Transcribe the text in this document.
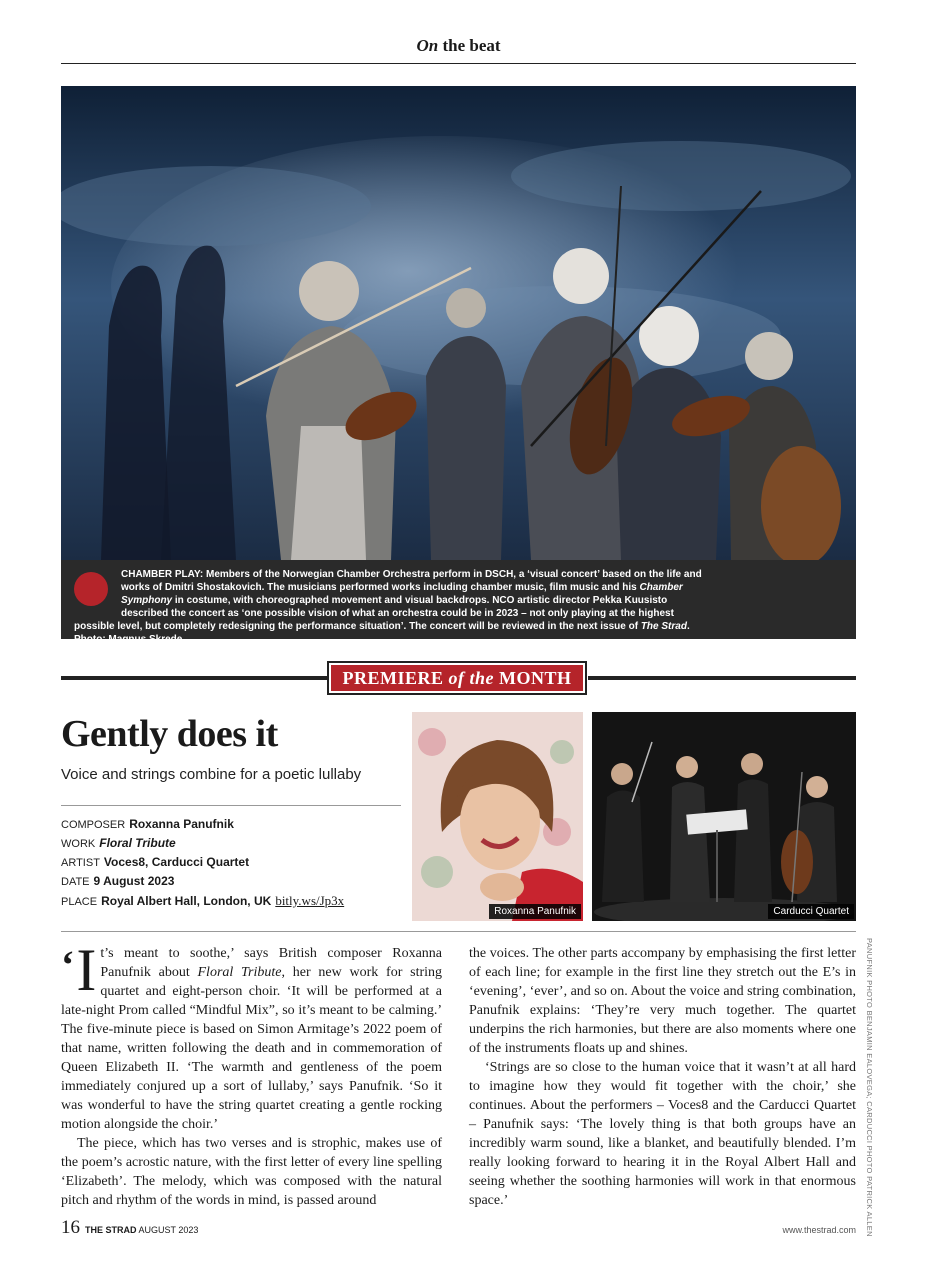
On the beat
CHAMBER PLAY: Members of the Norwegian Chamber Orchestra perform in DSCH, a ‘visual concert’ based on the life and works of Dmitri Shostakovich. The musicians performed works including chamber music, film music and his Chamber Symphony in costume, with choreographed movement and visual backdrops. NCO artistic director Pekka Kuusisto described the concert as ‘one possible vision of what an orchestra could be in 2023 – not only playing at the highest possible level, but completely redesigning the performance situation’. The concert will be reviewed in the next issue of The Strad. Photo: Magnus Skrede
PREMIERE of the MONTH
Gently does it
Voice and strings combine for a poetic lullaby
COMPOSER Roxanna Panufnik
WORK Floral Tribute
ARTIST Voces8, Carducci Quartet
DATE 9 August 2023
PLACE Royal Albert Hall, London, UK bitly.ws/Jp3x
Roxanna Panufnik	Carducci Quartet

‘ I t’s meant to soothe,’ says British composer Roxanna Panufnik about Floral Tribute, her new work for string quartet and eight-person choir. ‘It will be performed at a late-night Prom called “Mindful Mix”, so it’s meant to be calming.’ The five-minute piece is based on Simon Armitage’s 2022 poem of that name, written following the death and in commemoration of Queen Elizabeth II. ‘The warmth and gentleness of the poem immediately conjured up a sort of lullaby,’ says Panufnik. ‘So it was wonderful to have the string quartet creating a gentle rocking motion alongside the choir.’

The piece, which has two verses and is strophic, makes use of the poem’s acrostic nature, with the first letter of every line spelling ‘Elizabeth’. The melody, which was composed with the natural pitch and rhythm of the words in mind, is passed around

the voices. The other parts accompany by emphasising the first letter of each line; for example in the first line they stretch out the E’s in ‘evening’, ‘ever’, and so on. About the voice and string combination, Panufnik explains: ‘They’re very much together. The quartet underpins the rich harmonies, but there are also moments where one of the instruments floats up and shines.

‘Strings are so close to the human voice that it wasn’t at all hard to imagine how they would fit together with the choir,’ she continues. About the performers – Voces8 and the Carducci Quartet – Panufnik says: ‘The lovely thing is that both groups have an incredibly warm sound, like a blanket, and beautifully blended. I’m really looking forward to hearing it in the Royal Albert Hall and seeing whether the soothing harmonies will work in that enormous space.’	PANUFNIK PHOTO BENJAMIN EALOVEGA; CARDUCCI PHOTO PATRICK ALLEN
16 THE STRAD AUGUST 2023	www.thestrad.com
